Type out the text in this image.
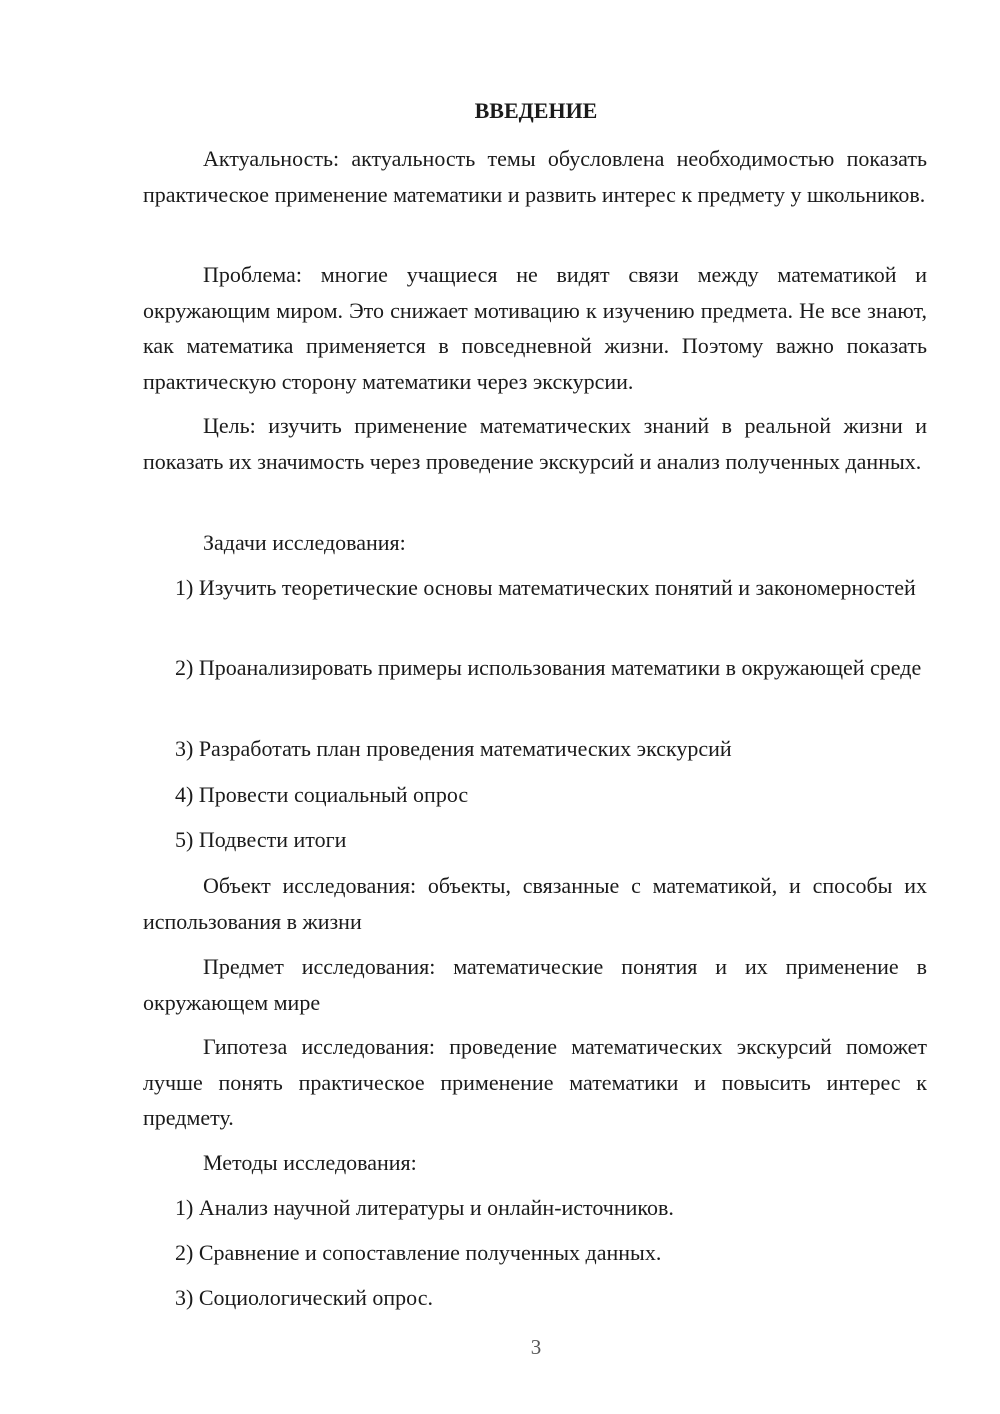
ВВЕДЕНИЕ

Актуальность: актуальность темы обусловлена необходимостью показать практическое применение математики и развить интерес к предмету у школьников.

Проблема: многие учащиеся не видят связи между математикой и окружающим миром. Это снижает мотивацию к изучению предмета. Не все знают, как математика применяется в повседневной жизни. Поэтому важно показать практическую сторону математики через экскурсии.

Цель: изучить применение математических знаний в реальной жизни и показать их значимость через проведение экскурсий и анализ полученных данных.

Задачи исследования:

1) Изучить теоретические основы математических понятий и закономерностей

2) Проанализировать примеры использования математики в окружающей среде

3) Разработать план проведения математических экскурсий

4) Провести социальный опрос

5) Подвести итоги

Объект исследования: объекты, связанные с математикой, и способы их использования в жизни

Предмет исследования: математические понятия и их применение в окружающем мире

Гипотеза исследования: проведение математических экскурсий поможет лучше понять практическое применение математики и повысить интерес к предмету.

Методы исследования:

1) Анализ научной литературы и онлайн-источников.

2) Сравнение и сопоставление полученных данных.

3) Социологический опрос.

3
